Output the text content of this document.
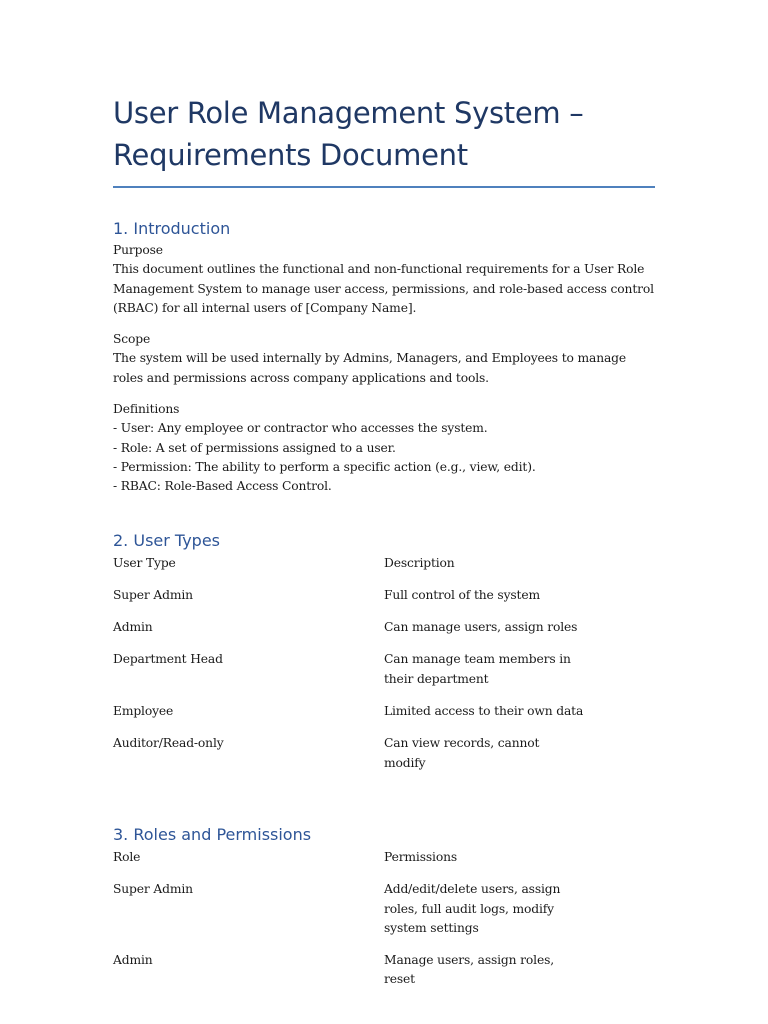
User Role Management System – Requirements Document
1. Introduction

Purpose

This document outlines the functional and non-functional requirements for a User Role Management System to manage user access, permissions, and role-based access control (RBAC) for all internal users of [Company Name].

Scope

The system will be used internally by Admins, Managers, and Employees to manage roles and permissions across company applications and tools.

Definitions

- User: Any employee or contractor who accesses the system.
- Role: A set of permissions assigned to a user.
- Permission: The ability to perform a specific action (e.g., view, edit).
- RBAC: Role-Based Access Control.
2. User Types
User Type	Description
Super Admin	Full control of the system
Admin	Can manage users, assign roles
Department Head	Can manage team members in their department
Employee	Limited access to their own data
Auditor/Read-only	Can view records, cannot modify
3. Roles and Permissions
Role	Permissions
Super Admin	Add/edit/delete users, assign roles, full audit logs, modify system settings
Admin	Manage users, assign roles, reset
